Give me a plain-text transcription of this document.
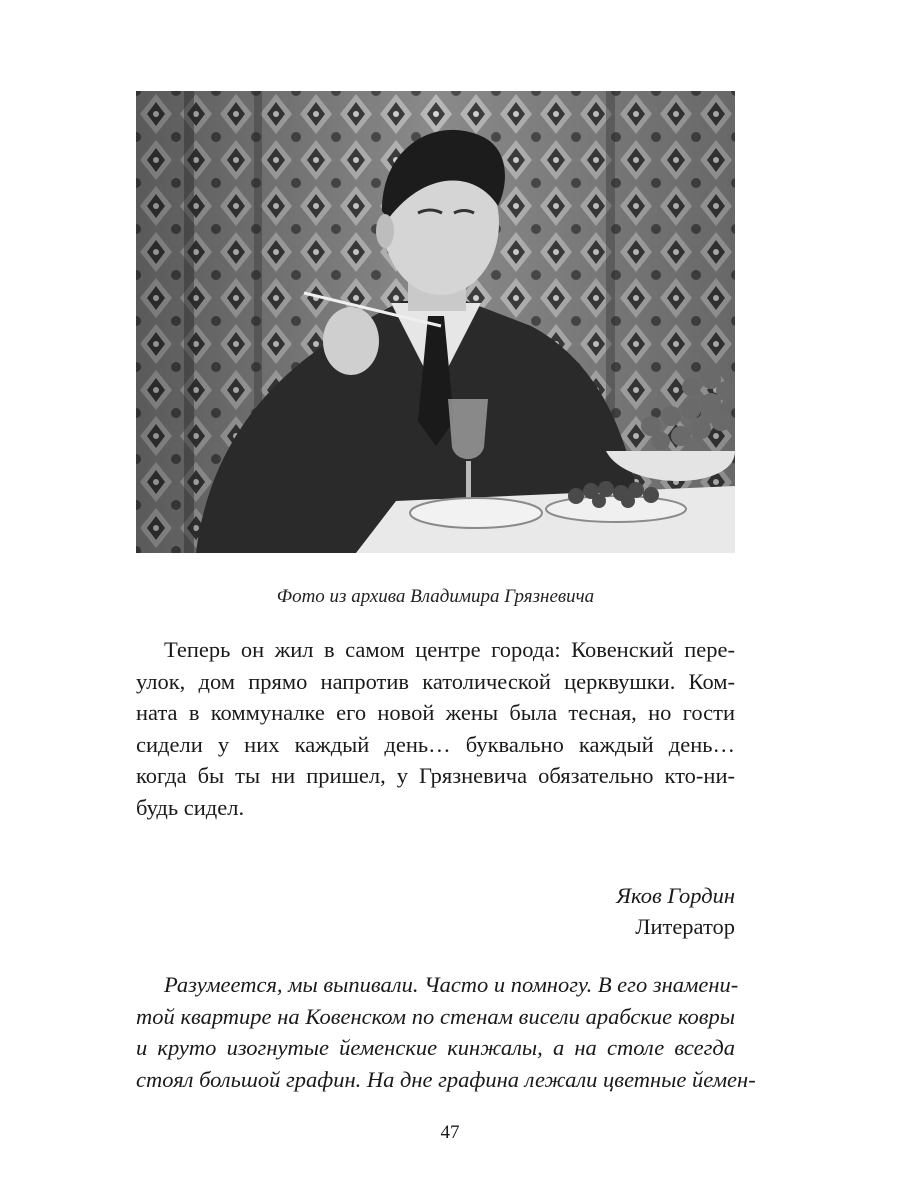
Фото из архива Владимира Грязневича

Теперь он жил в самом центре города: Ковенский пере-
улок, дом прямо напротив католической церквушки. Ком-
ната в коммуналке его новой жены была тесная, но гости
сидели у них каждый день… буквально каждый день…
когда бы ты ни пришел, у Грязневича обязательно кто-ни-
будь сидел.

Яков Гордин
Литератор

Разумеется, мы выпивали. Часто и помногу. В его знамени-
той квартире на Ковенском по стенам висели арабские ковры
и круто изогнутые йеменские кинжалы, а на столе всегда
стоял большой графин. На дне графина лежали цветные йемен-

47
